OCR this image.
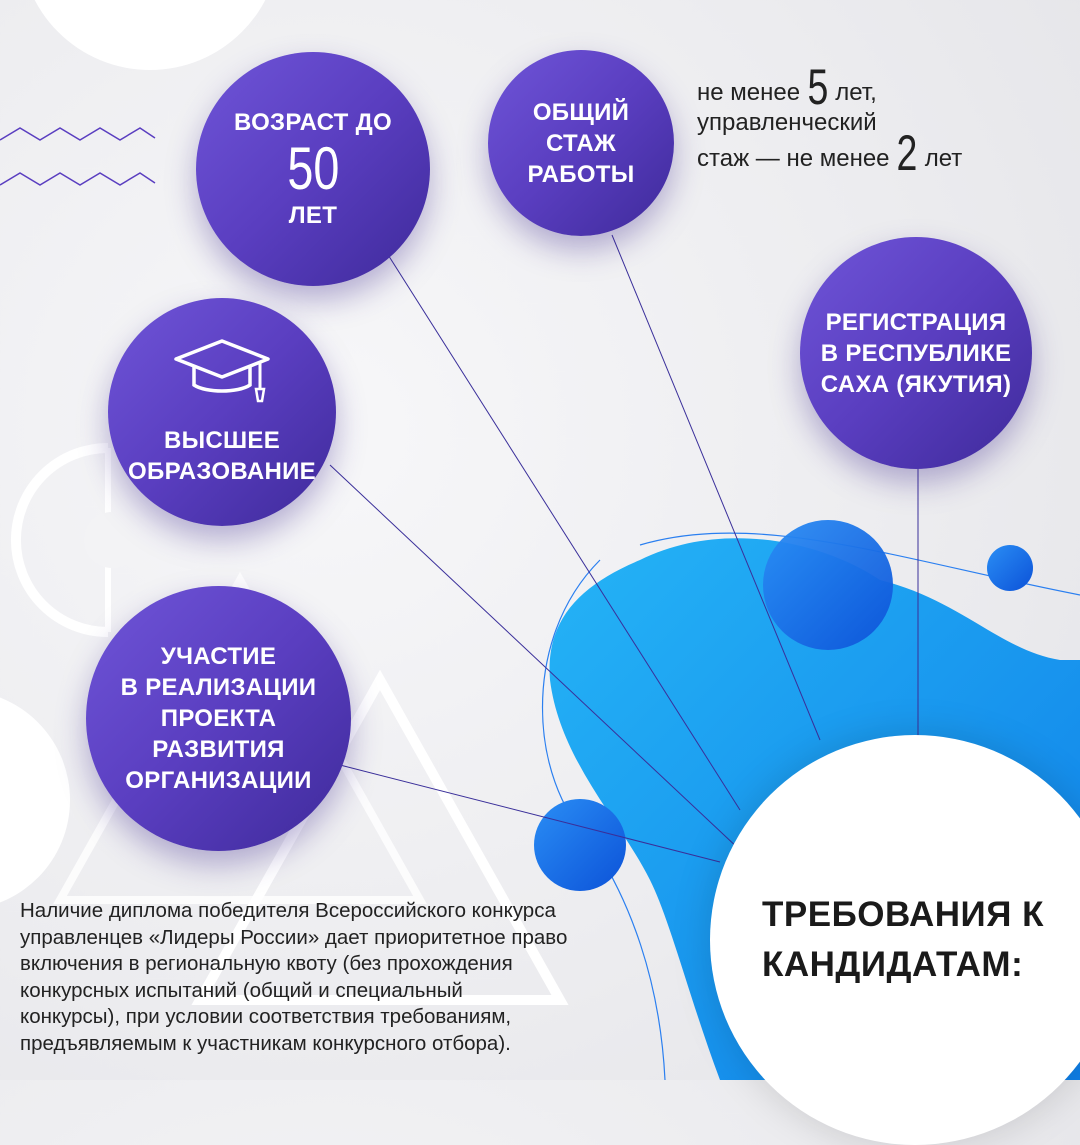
ВОЗРАСТ ДО
50
ЛЕТ
ОБЩИЙ
СТАЖ
РАБОТЫ
РЕГИСТРАЦИЯ
В РЕСПУБЛИКЕ
САХА (ЯКУТИЯ)
ВЫСШЕЕ
ОБРАЗОВАНИЕ
УЧАСТИЕ
В РЕАЛИЗАЦИИ
ПРОЕКТА
РАЗВИТИЯ
ОРГАНИЗАЦИИ
не менее 5 лет,
управленческий
стаж — не менее 2 лет
ТРЕБОВАНИЯ К
КАНДИДАТАМ:
Наличие диплома победителя Всероссийского конкурса
управленцев «Лидеры России» дает приоритетное право
включения в региональную квоту (без прохождения
конкурсных испытаний (общий и специальный
конкурсы), при условии соответствия требованиям,
предъявляемым к участникам конкурсного отбора).
